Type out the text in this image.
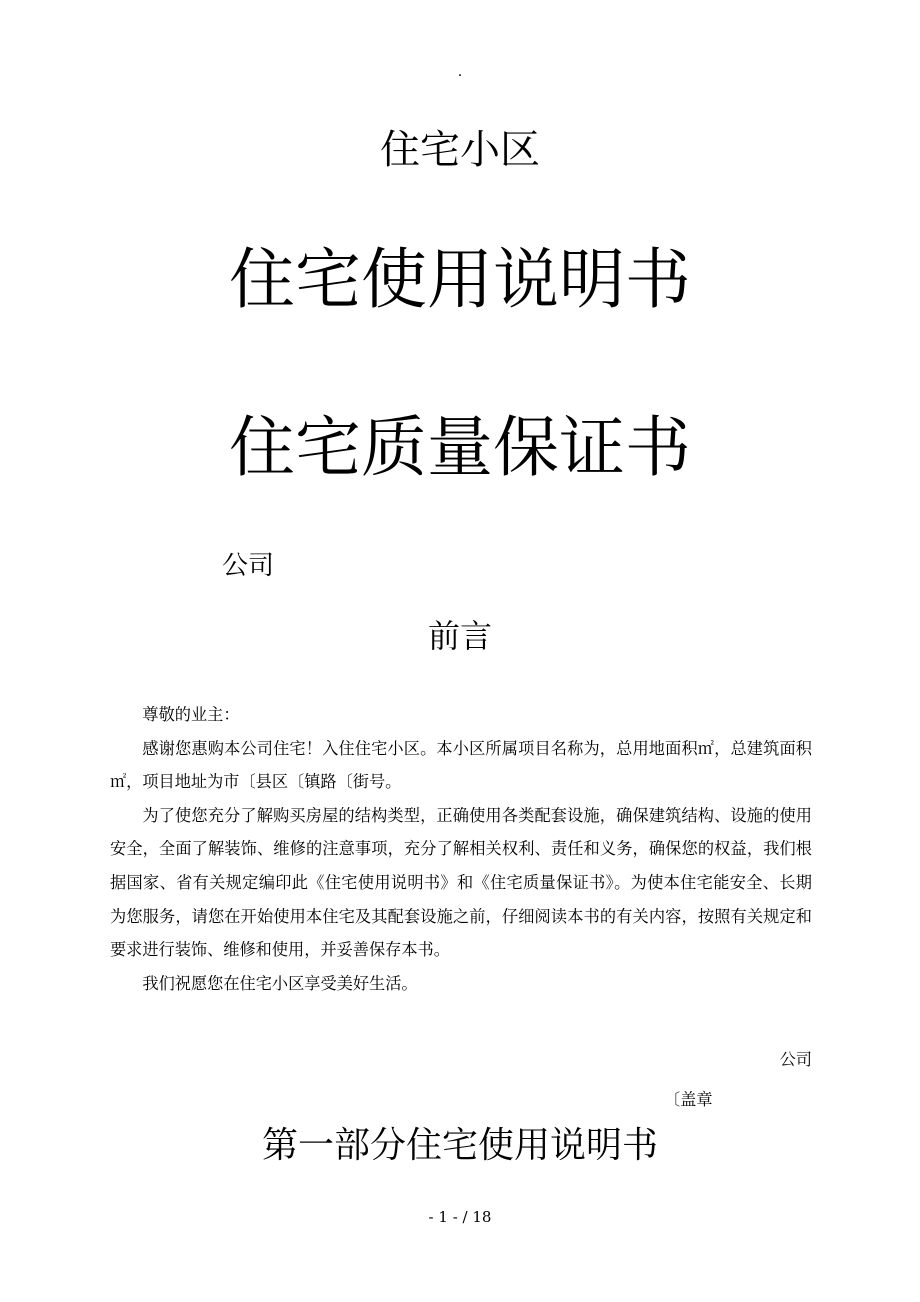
.
住宅小区
住宅使用说明书
住宅质量保证书
公司
前言

尊敬的业主：

感谢您惠购本公司住宅！入住住宅小区。本小区所属项目名称为，总用地面积㎡，总建筑面积㎡，项目地址为市〔县区〔镇路〔街号。

为了使您充分了解购买房屋的结构类型，正确使用各类配套设施，确保建筑结构、设施的使用安全，全面了解装饰、维修的注意事项，充分了解相关权利、责任和义务，确保您的权益，我们根据国家、省有关规定编印此《住宅使用说明书》和《住宅质量保证书》。为使本住宅能安全、长期为您服务，请您在开始使用本住宅及其配套设施之前，仔细阅读本书的有关内容，按照有关规定和要求进行装饰、维修和使用，并妥善保存本书。

我们祝愿您在住宅小区享受美好生活。

公司
〔盖章
第一部分住宅使用说明书
- 1 - / 18
